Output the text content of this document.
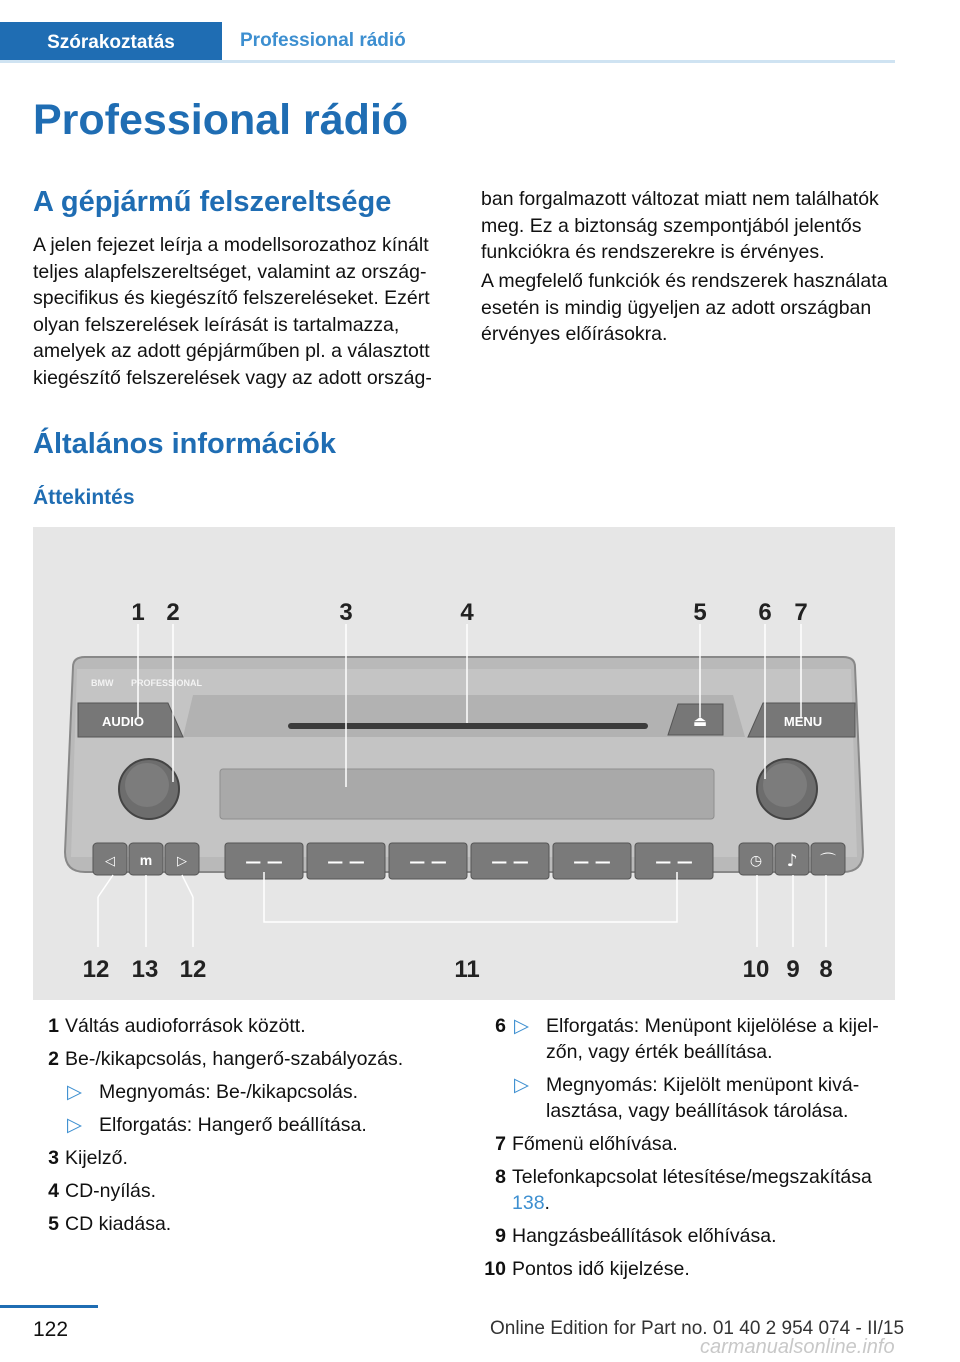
Szórakoztatás	Professional rádió
Professional rádió
A gépjármű felszereltsége

A jelen fejezet leírja a modellsorozathoz kínált teljes alapfelszereltséget, valamint az ország-specifikus és kiegészítő felszereléseket. Ezért olyan felszerelések leírását is tartalmazza, amelyek az adott gépjárműben pl. a választott kiegészítő felszerelések vagy az adott ország-

ban forgalmazott változat miatt nem találhatók meg. Ez a biztonság szempontjából jelentős funkciókra és rendszerekre is érvényes.

A megfelelő funkciók és rendszerek használata esetén is mindig ügyeljen az adott országban érvényes előírásokra.

Általános információk
Áttekintés
BMW PROFESSIONAL
AUDIO	⏏	MENU
◁ m ▷	— —	— —	— —	— —	— —	— —	◷ ♪ ⌒
1 2	3	4	5 6 7
12 13 12	11	10 9 8
1 Váltás audioforrások között.
2 Be-/kikapcsolás, hangerő-szabályozás.
▷ Megnyomás: Be-/kikapcsolás.
▷ Elforgatás: Hangerő beállítása.
3 Kijelző.
4 CD-nyílás.
5 CD kiadása.
6 ▷ Elforgatás: Menüpont kijelölése a kijelzőn, vagy érték beállítása.
▷ Megnyomás: Kijelölt menüpont kiválasztása, vagy beállítások tárolása.
7 Főmenü előhívása.
8 Telefonkapcsolat létesítése/megszakítása 138.
9 Hangzásbeállítások előhívása.
10 Pontos idő kijelzése.
122	Online Edition for Part no. 01 40 2 954 074 - II/15
carmanualsonline.info
